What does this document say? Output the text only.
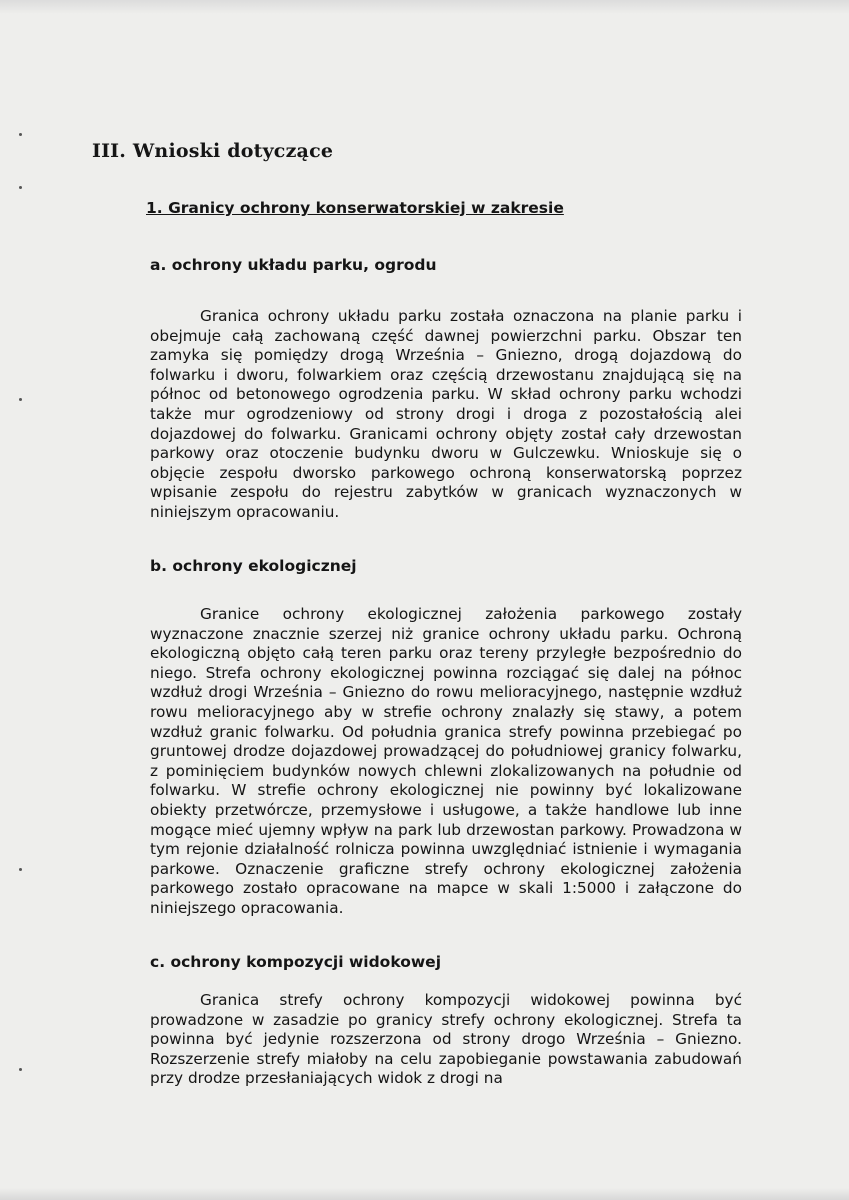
III. Wnioski dotyczące
1. Granicy ochrony konserwatorskiej w zakresie
a. ochrony układu parku, ogrodu

Granica ochrony układu parku została oznaczona na planie parku i obejmuje całą zachowaną część dawnej powierzchni parku. Obszar ten zamyka się pomiędzy drogą Września – Gniezno, drogą dojazdową do folwarku i dworu, folwarkiem oraz częścią drzewostanu znajdującą się na północ od betonowego ogrodzenia parku. W skład ochrony parku wchodzi także mur ogrodzeniowy od strony drogi i droga z pozostałością alei dojazdowej do folwarku. Granicami ochrony objęty został cały drzewostan parkowy oraz otoczenie budynku dworu w Gulczewku. Wnioskuje się o objęcie zespołu dworsko parkowego ochroną konserwatorską poprzez wpisanie zespołu do rejestru zabytków w granicach wyznaczonych w niniejszym opracowaniu.

b. ochrony ekologicznej

Granice ochrony ekologicznej założenia parkowego zostały wyznaczone znacznie szerzej niż granice ochrony układu parku. Ochroną ekologiczną objęto całą teren parku oraz tereny przyległe bezpośrednio do niego. Strefa ochrony ekologicznej powinna rozciągać się dalej na północ wzdłuż drogi Września – Gniezno do rowu melioracyjnego, następnie wzdłuż rowu melioracyjnego aby w strefie ochrony znalazły się stawy, a potem wzdłuż granic folwarku. Od południa granica strefy powinna przebiegać po gruntowej drodze dojazdowej prowadzącej do południowej granicy folwarku, z pominięciem budynków nowych chlewni zlokalizowanych na południe od folwarku. W strefie ochrony ekologicznej nie powinny być lokalizowane obiekty przetwórcze, przemysłowe i usługowe, a także handlowe lub inne mogące mieć ujemny wpływ na park lub drzewostan parkowy. Prowadzona w tym rejonie działalność rolnicza powinna uwzględniać istnienie i wymagania parkowe. Oznaczenie graficzne strefy ochrony ekologicznej założenia parkowego zostało opracowane na mapce w skali 1:5000 i załączone do niniejszego opracowania.

c. ochrony kompozycji widokowej

Granica strefy ochrony kompozycji widokowej powinna być prowadzone w zasadzie po granicy strefy ochrony ekologicznej. Strefa ta powinna być jedynie rozszerzona od strony drogo Września – Gniezno. Rozszerzenie strefy miałoby na celu zapobieganie powstawania zabudowań przy drodze przesłaniających widok z drogi na
